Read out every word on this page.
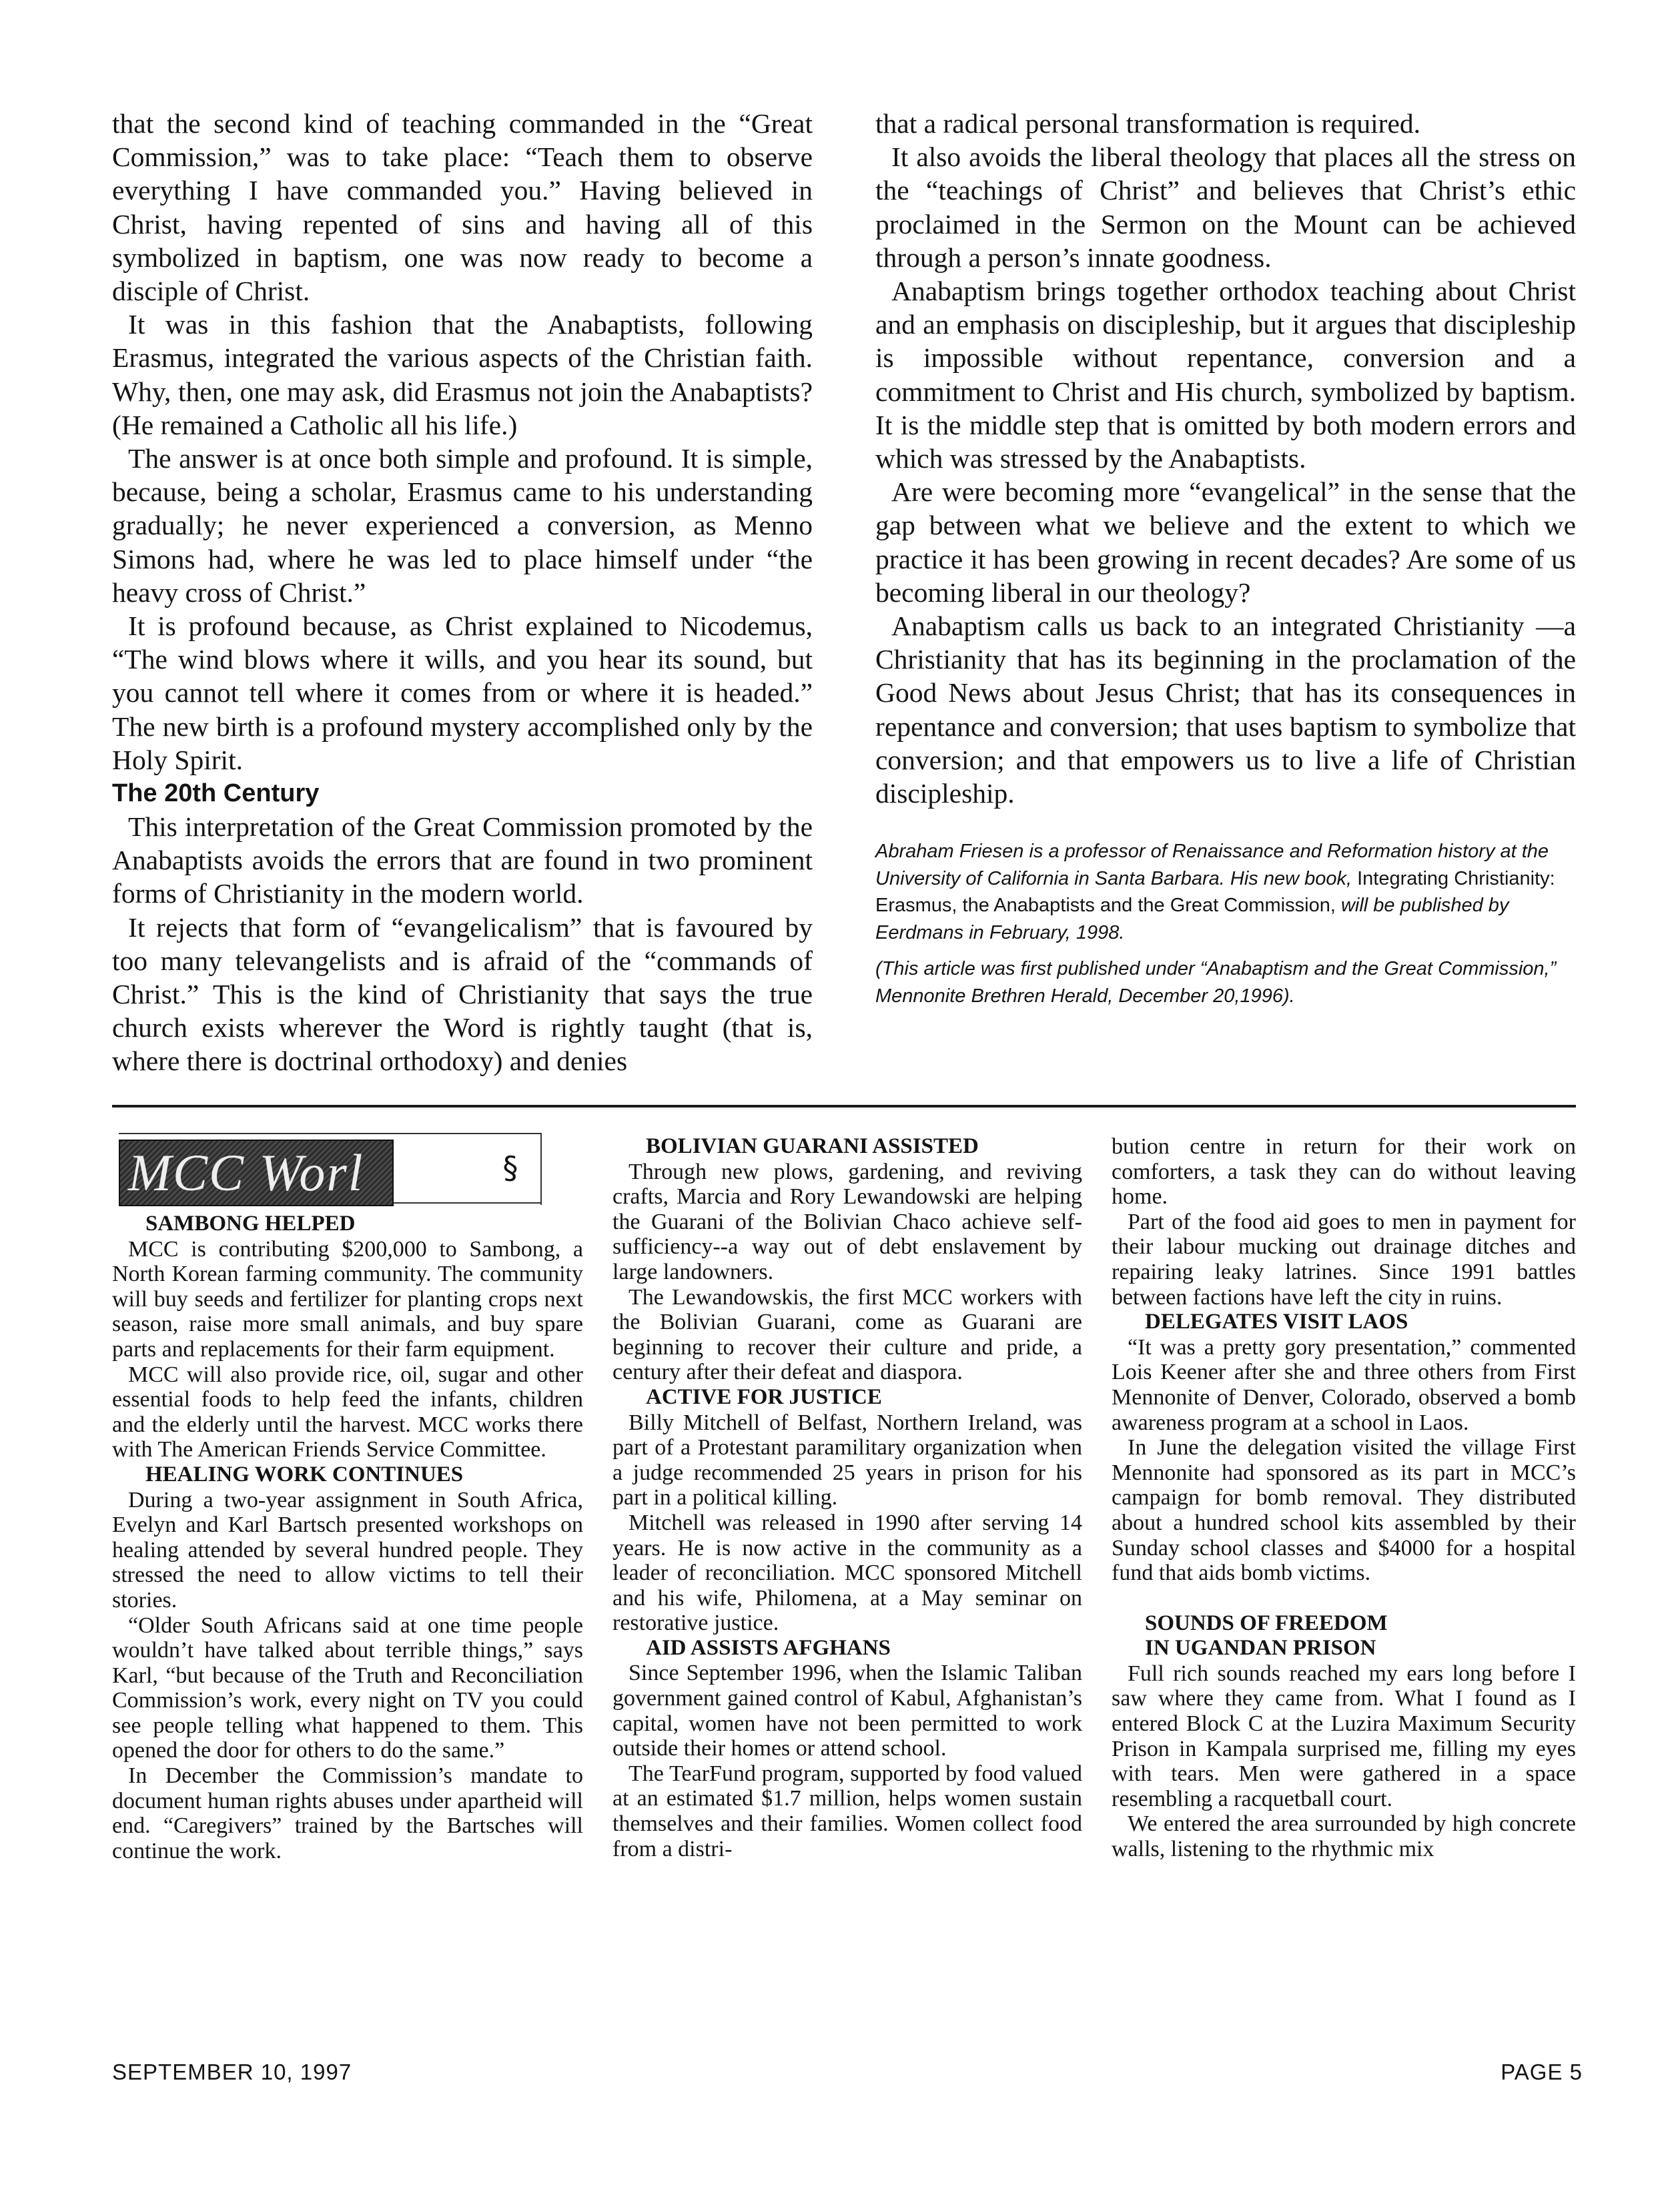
that the second kind of teaching commanded in the “Great Commission,” was to take place: “Teach them to observe everything I have commanded you.” Having believed in Christ, having repented of sins and having all of this symbolized in baptism, one was now ready to become a disciple of Christ.

It was in this fashion that the Anabaptists, following Erasmus, integrated the various aspects of the Christian faith. Why, then, one may ask, did Erasmus not join the Anabaptists? (He remained a Catholic all his life.)

The answer is at once both simple and profound. It is simple, because, being a scholar, Erasmus came to his understanding gradually; he never experienced a conversion, as Menno Simons had, where he was led to place himself under “the heavy cross of Christ.”

It is profound because, as Christ explained to Nicodemus, “The wind blows where it wills, and you hear its sound, but you cannot tell where it comes from or where it is headed.” The new birth is a profound mystery accomplished only by the Holy Spirit.

The 20th Century

This interpretation of the Great Commission promoted by the Anabaptists avoids the errors that are found in two prominent forms of Christianity in the modern world.

It rejects that form of “evangelicalism” that is favoured by too many televangelists and is afraid of the “commands of Christ.” This is the kind of Christianity that says the true church exists wherever the Word is rightly taught (that is, where there is doctrinal orthodoxy) and denies

that a radical personal transformation is required.

It also avoids the liberal theology that places all the stress on the “teachings of Christ” and believes that Christ’s ethic proclaimed in the Sermon on the Mount can be achieved through a person’s innate goodness.

Anabaptism brings together orthodox teaching about Christ and an emphasis on discipleship, but it argues that discipleship is impossible without repentance, conversion and a commitment to Christ and His church, symbolized by baptism. It is the middle step that is omitted by both modern errors and which was stressed by the Anabaptists.

Are were becoming more “evangelical” in the sense that the gap between what we believe and the extent to which we practice it has been growing in recent decades? Are some of us becoming liberal in our theology?

Anabaptism calls us back to an integrated Christianity —a Christianity that has its beginning in the proclamation of the Good News about Jesus Christ; that has its consequences in repentance and conversion; that uses baptism to symbolize that conversion; and that empowers us to live a life of Christian discipleship.

Abraham Friesen is a professor of Renaissance and Reformation history at the University of California in Santa Barbara. His new book, Integrating Christianity: Erasmus, the Anabaptists and the Great Commission, will be published by Eerdmans in February, 1998.

(This article was first published under “Anabaptism and the Great Commission,” Mennonite Brethren Herald, December 20,1996).

MCC Worl	§
SAMBONG HELPED

MCC is contributing $200,000 to Sambong, a North Korean farming community. The community will buy seeds and fertilizer for planting crops next season, raise more small animals, and buy spare parts and replacements for their farm equipment.

MCC will also provide rice, oil, sugar and other essential foods to help feed the infants, children and the elderly until the harvest. MCC works there with The American Friends Service Committee.

HEALING WORK CONTINUES

During a two-year assignment in South Africa, Evelyn and Karl Bartsch presented workshops on healing attended by several hundred people. They stressed the need to allow victims to tell their stories.

“Older South Africans said at one time people wouldn’t have talked about terrible things,” says Karl, “but because of the Truth and Reconciliation Commission’s work, every night on TV you could see people telling what happened to them. This opened the door for others to do the same.”

In December the Commission’s mandate to document human rights abuses under apartheid will end. “Caregivers” trained by the Bartsches will continue the work.

BOLIVIAN GUARANI ASSISTED

Through new plows, gardening, and reviving crafts, Marcia and Rory Lewandowski are helping the Guarani of the Bolivian Chaco achieve self-sufficiency--a way out of debt enslavement by large landowners.

The Lewandowskis, the first MCC workers with the Bolivian Guarani, come as Guarani are beginning to recover their culture and pride, a century after their defeat and diaspora.

ACTIVE FOR JUSTICE

Billy Mitchell of Belfast, Northern Ireland, was part of a Protestant paramilitary organization when a judge recommended 25 years in prison for his part in a political killing.

Mitchell was released in 1990 after serving 14 years. He is now active in the community as a leader of reconciliation. MCC sponsored Mitchell and his wife, Philomena, at a May seminar on restorative justice.

AID ASSISTS AFGHANS

Since September 1996, when the Islamic Taliban government gained control of Kabul, Afghanistan’s capital, women have not been permitted to work outside their homes or attend school.

The TearFund program, supported by food valued at an estimated $1.7 million, helps women sustain themselves and their families. Women collect food from a distri-

bution centre in return for their work on comforters, a task they can do without leaving home.

Part of the food aid goes to men in payment for their labour mucking out drainage ditches and repairing leaky latrines. Since 1991 battles between factions have left the city in ruins.

DELEGATES VISIT LAOS

“It was a pretty gory presentation,” commented Lois Keener after she and three others from First Mennonite of Denver, Colorado, observed a bomb awareness program at a school in Laos.

In June the delegation visited the village First Mennonite had sponsored as its part in MCC’s campaign for bomb removal. They distributed about a hundred school kits assembled by their Sunday school classes and $4000 for a hospital fund that aids bomb victims.

SOUNDS OF FREEDOM
IN UGANDAN PRISON

Full rich sounds reached my ears long before I saw where they came from. What I found as I entered Block C at the Luzira Maximum Security Prison in Kampala surprised me, filling my eyes with tears. Men were gathered in a space resembling a racquetball court.

We entered the area surrounded by high concrete walls, listening to the rhythmic mix

SEPTEMBER 10, 1997	PAGE 5
